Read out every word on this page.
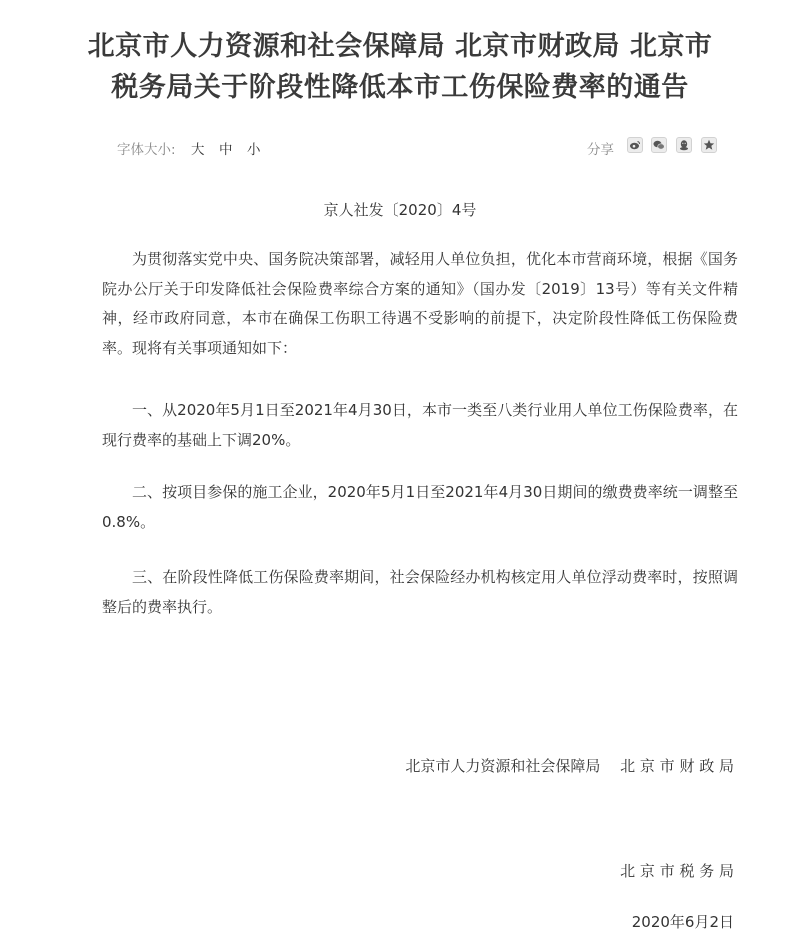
北京市人力资源和社会保障局 北京市财政局 北京市
税务局关于阶段性降低本市工伤保险费率的通告
字体大小: 大 中 小	分享
京人社发〔2020〕4号

为贯彻落实党中央、国务院决策部署，减轻用人单位负担，优化本市营商环境，根据《国务院办公厅关于印发降低社会保险费率综合方案的通知》（国办发〔2019〕13号）等有关文件精神，经市政府同意，本市在确保工伤职工待遇不受影响的前提下，决定阶段性降低工伤保险费率。现将有关事项通知如下：

一、从2020年5月1日至2021年4月30日，本市一类至八类行业用人单位工伤保险费率，在现行费率的基础上下调20%。

二、按项目参保的施工企业，2020年5月1日至2021年4月30日期间的缴费费率统一调整至0.8%。

三、在阶段性降低工伤保险费率期间，社会保险经办机构核定用人单位浮动费率时，按照调整后的费率执行。

北京市人力资源和社会保障局　 北 京 市 财 政 局
北 京 市 税 务 局
2020年6月2日
